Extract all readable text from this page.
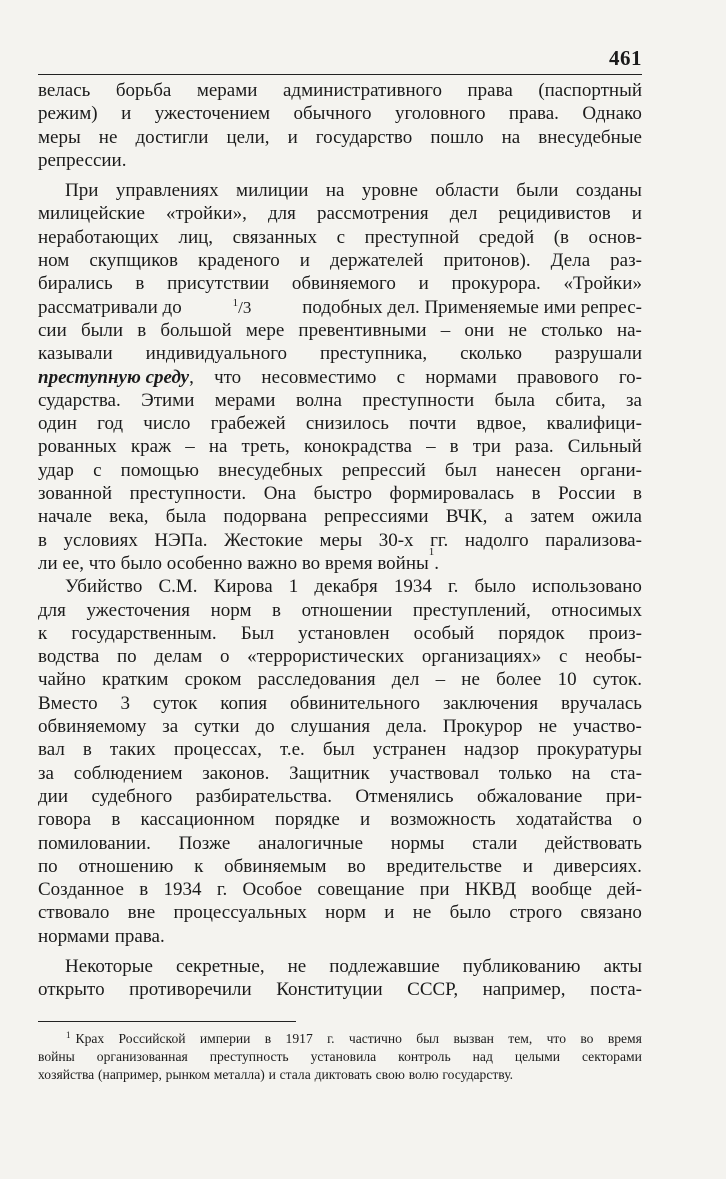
461
велась борьба мерами административного права (паспортный
режим) и ужесточением обычного уголовного права. Однако
меры не достигли цели, и государство пошло на внесудебные
репрессии.
При управлениях милиции на уровне области были созданы
милицейские «тройки», для рассмотрения дел рецидивистов и
неработающих лиц, связанных с преступной средой (в основ-
ном скупщиков краденого и держателей притонов). Дела раз-
бирались в присутствии обвиняемого и прокурора. «Тройки»
рассматривали до	$^1$/3	подобных дел. Применяемые ими репрес-
сии были в большой мере превентивными – они не столько на-
казывали индивидуального преступника, сколько разрушали
преступную среду , что несовместимо с нормами правового го-
сударства. Этими мерами волна преступности была сбита, за
один год число грабежей снизилось почти вдвое, квалифици-
рованных краж – на треть, конокрадства – в три раза. Сильный
удар с помощью внесудебных репрессий был нанесен органи-
зованной преступности. Она быстро формировалась в России в
начале века, была подорвана репрессиями ВЧК, а затем ожила
в условиях НЭПа. Жестокие меры 30-х гг. надолго парализова-
ли ее, что было особенно важно во время войны
1
.
Убийство С.М. Кирова 1 декабря 1934 г. было использовано
для ужесточения норм в отношении преступлений, относимых
к государственным. Был установлен особый порядок произ-
водства по делам о «террористических организациях» с необы-
чайно кратким сроком расследования дел – не более 10 суток.
Вместо 3 суток копия обвинительного заключения вручалась
обвиняемому за сутки до слушания дела. Прокурор не участво-
вал в таких процессах, т.е. был устранен надзор прокуратуры
за соблюдением законов. Защитник участвовал только на ста-
дии судебного разбирательства. Отменялись обжалование при-
говора в кассационном порядке и возможность ходатайства о
помиловании. Позже аналогичные нормы стали действовать
по отношению к обвиняемым во вредительстве и диверсиях.
Созданное в 1934 г. Особое совещание при НКВД вообще дей-
ствовало вне процессуальных норм и не было строго связано
нормами права.
Некоторые секретные, не подлежавшие публикованию акты
открыто противоречили Конституции СССР, например, поста-
$^1$ Крах Российской империи в 1917 г. частично был вызван тем, что во время
войны организованная преступность установила контроль над целыми секторами
хозяйства (например, рынком металла) и стала диктовать свою волю государству.
